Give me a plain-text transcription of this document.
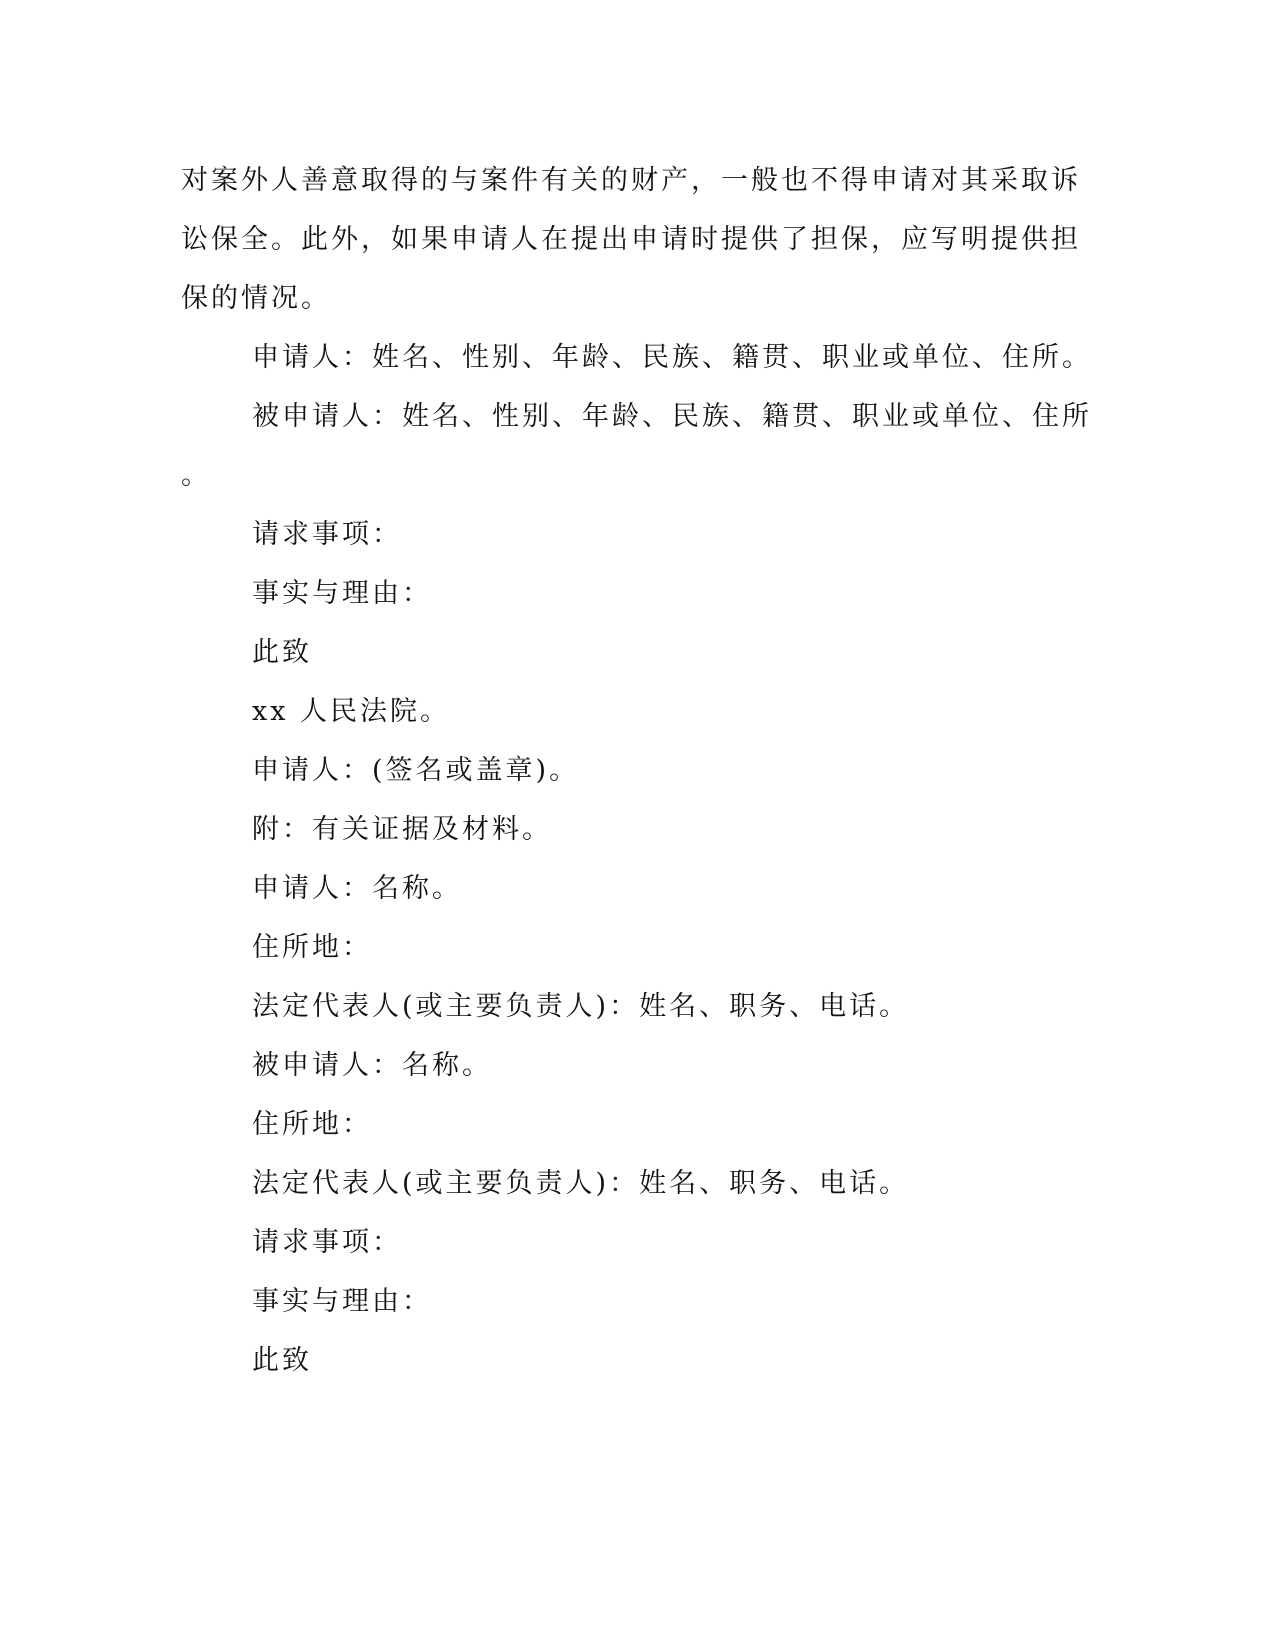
对案外人善意取得的与案件有关的财产，一般也不得申请对其采取诉
讼保全。此外，如果申请人在提出申请时提供了担保，应写明提供担
保的情况。
申请人：姓名、性别、年龄、民族、籍贯、职业或单位、住所。
被申请人：姓名、性别、年龄、民族、籍贯、职业或单位、住所
。
请求事项：
事实与理由：
此致
xx 人民法院。
申请人：(签名或盖章)。
附：有关证据及材料。
申请人：名称。
住所地：
法定代表人(或主要负责人)：姓名、职务、电话。
被申请人：名称。
住所地：
法定代表人(或主要负责人)：姓名、职务、电话。
请求事项：
事实与理由：
此致
